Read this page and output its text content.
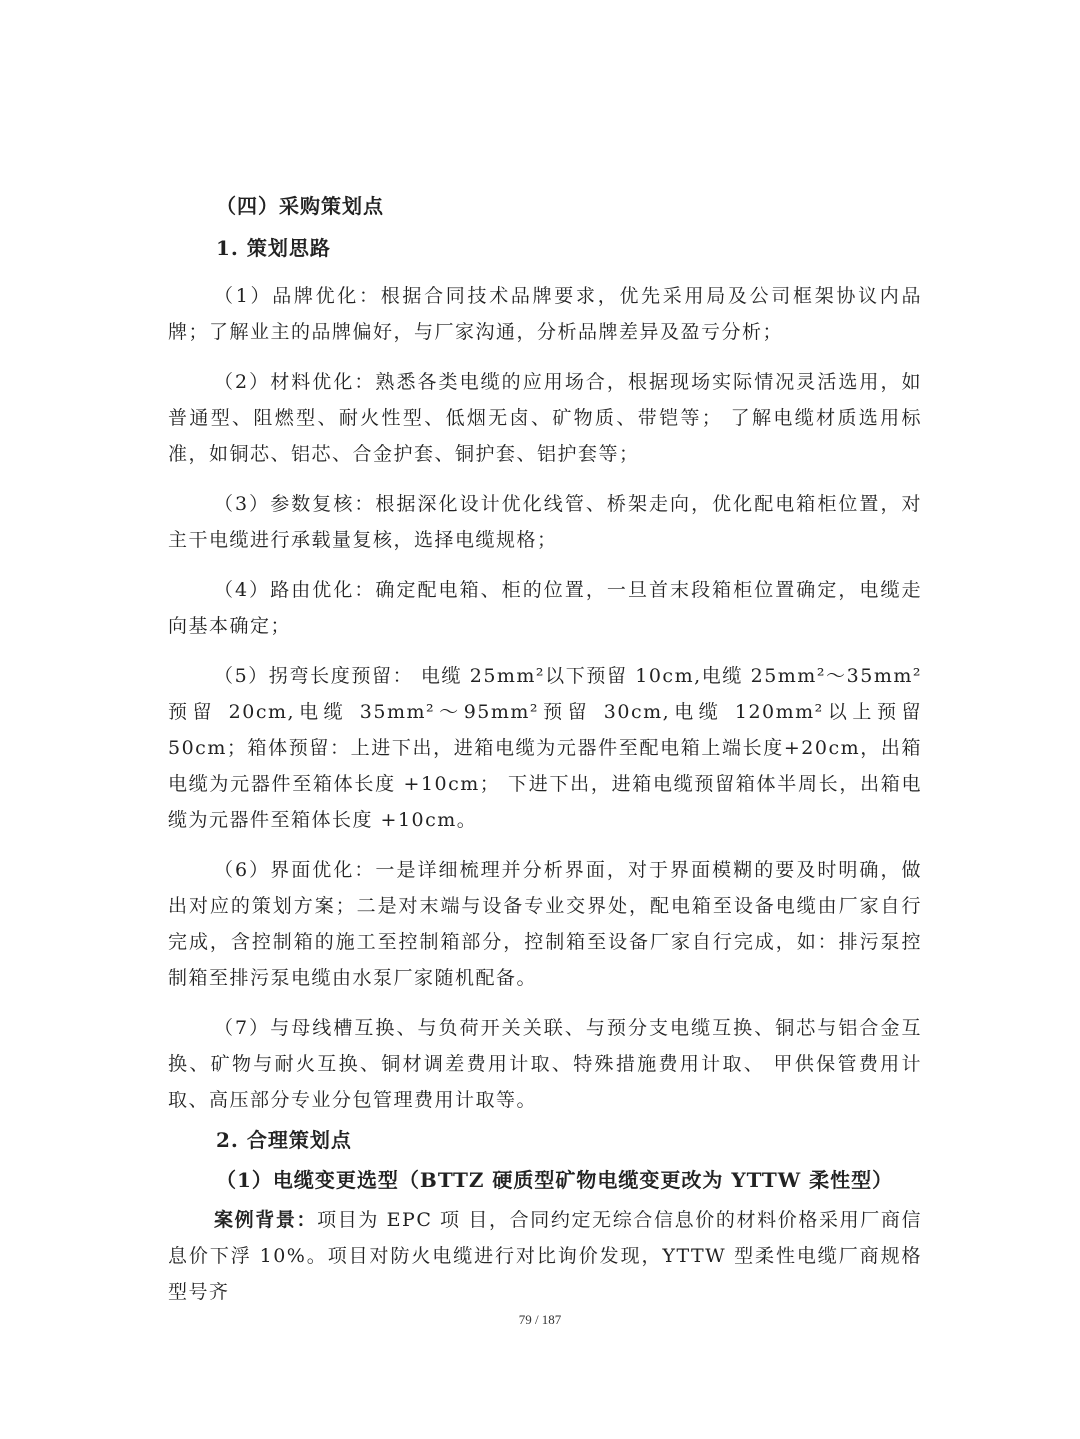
（四）采购策划点

1. 策划思路

（1）品牌优化：根据合同技术品牌要求，优先采用局及公司框架协议内品牌；了解业主的品牌偏好，与厂家沟通，分析品牌差异及盈亏分析；

（2）材料优化：熟悉各类电缆的应用场合，根据现场实际情况灵活选用，如普通型、阻燃型、耐火性型、低烟无卤、矿物质、带铠等； 了解电缆材质选用标准，如铜芯、铝芯、合金护套、铜护套、铝护套等；

（3）参数复核：根据深化设计优化线管、桥架走向，优化配电箱柜位置，对主干电缆进行承载量复核，选择电缆规格；

（4）路由优化：确定配电箱、柜的位置，一旦首末段箱柜位置确定，电缆走向基本确定；

（5）拐弯长度预留： 电缆 25mm²以下预留 10cm,电缆 25mm²～35mm²预留 20cm,电缆 35mm²～95mm²预留 30cm,电缆 120mm²以上预留 50cm；箱体预留：上进下出，进箱电缆为元器件至配电箱上端长度+20cm，出箱电缆为元器件至箱体长度 +10cm； 下进下出，进箱电缆预留箱体半周长，出箱电缆为元器件至箱体长度 +10cm。

（6）界面优化：一是详细梳理并分析界面，对于界面模糊的要及时明确，做出对应的策划方案；二是对末端与设备专业交界处，配电箱至设备电缆由厂家自行完成，含控制箱的施工至控制箱部分，控制箱至设备厂家自行完成，如：排污泵控制箱至排污泵电缆由水泵厂家随机配备。

（7）与母线槽互换、与负荷开关关联、与预分支电缆互换、铜芯与铝合金互换、矿物与耐火互换、铜材调差费用计取、特殊措施费用计取、 甲供保管费用计取、高压部分专业分包管理费用计取等。

2. 合理策划点

（1）电缆变更选型（BTTZ 硬质型矿物电缆变更改为 YTTW 柔性型）

案例背景：项目为 EPC 项 目，合同约定无综合信息价的材料价格采用厂商信息价下浮 10%。项目对防火电缆进行对比询价发现，YTTW 型柔性电缆厂商规格型号齐

79 / 187
